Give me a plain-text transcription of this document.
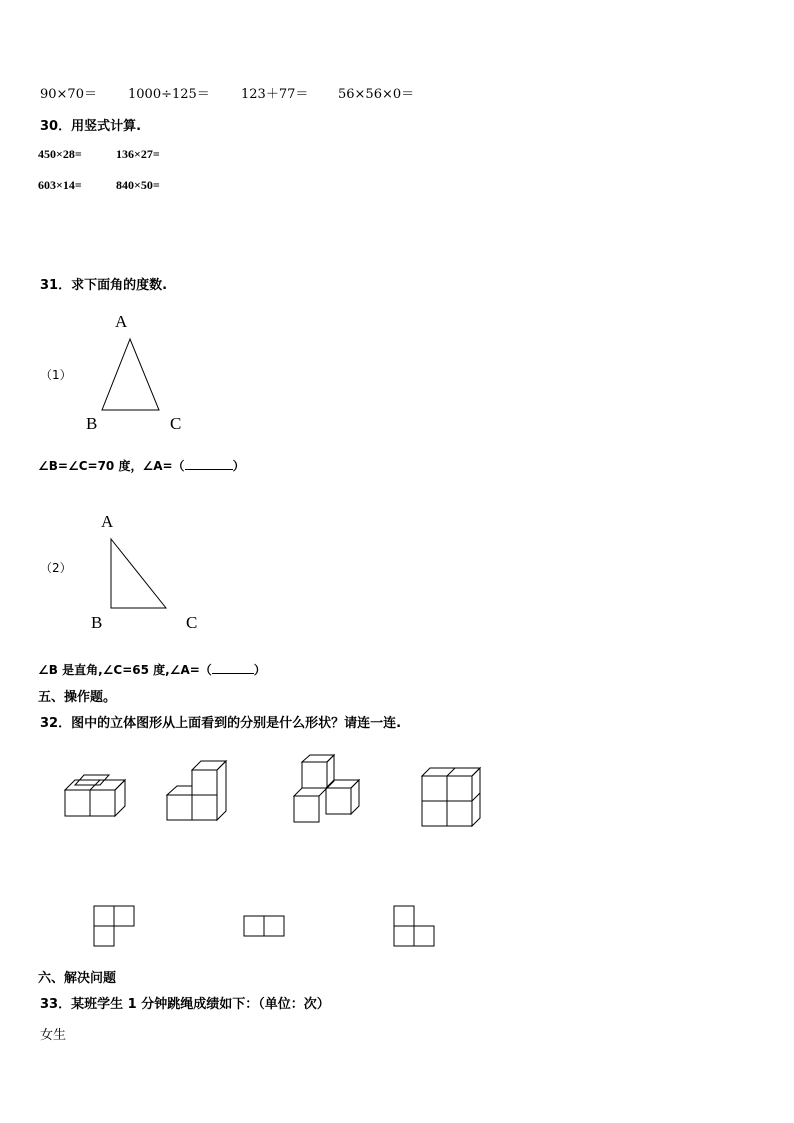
90×70＝ 1000÷125＝ 123＋77＝ 56×56×0＝
30．用竖式计算.
450×28=	136×27=
603×14=	840×50=
31．求下面角的度数.
A
（1）
B	C
∠B=∠C=70 度，∠A=（	）
A
（2）
B	C
∠B 是直角,∠C=65 度,∠A=（	）
五、操作题。
32．图中的立体图形从上面看到的分别是什么形状？请连一连.
六、解决问题
33．某班学生 1 分钟跳绳成绩如下：（单位：次）
女生
